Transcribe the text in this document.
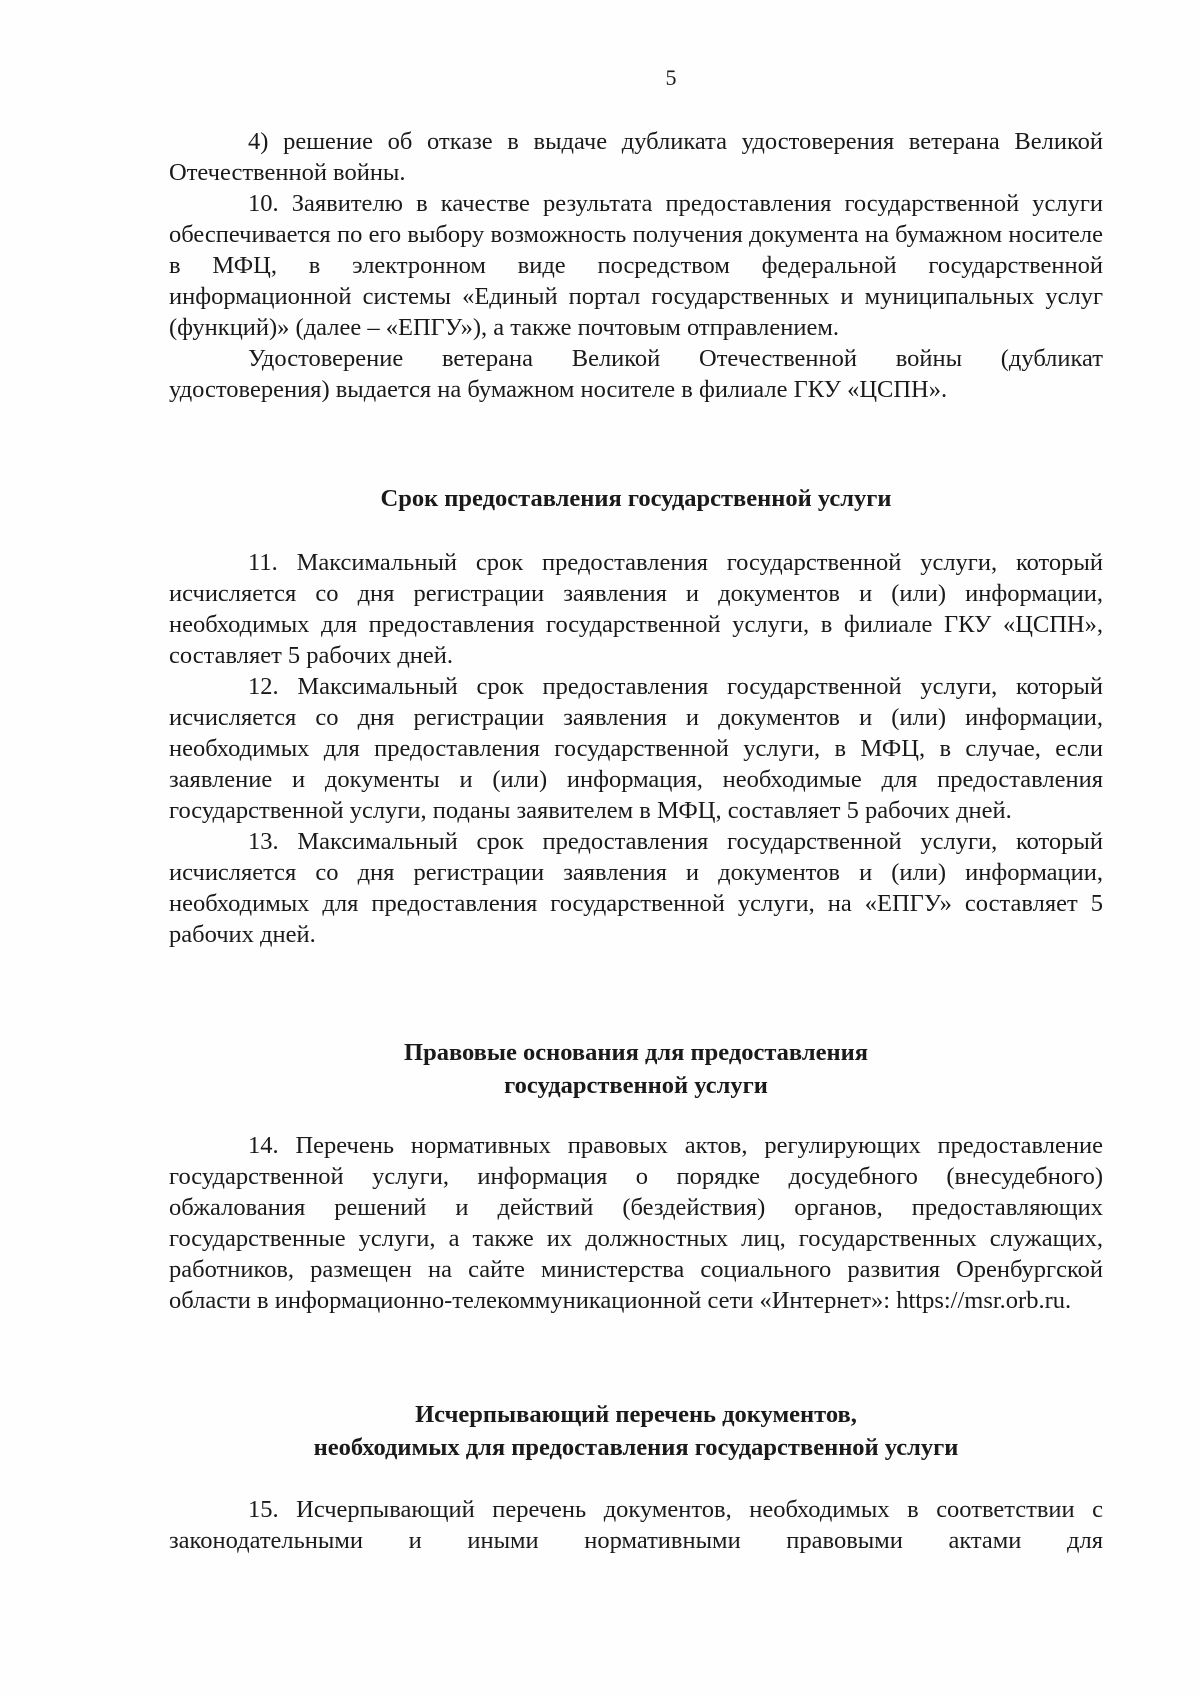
5

4) решение об отказе в выдаче дубликата удостоверения ветерана Великой Отечественной войны.

10. Заявителю в качестве результата предоставления государственной услуги обеспечивается по его выбору возможность получения документа на бумажном носителе в МФЦ, в электронном виде посредством федеральной государственной информационной системы «Единый портал государственных и муниципальных услуг (функций)» (далее – «ЕПГУ»), а также почтовым отправлением.

Удостоверение ветерана Великой Отечественной войны (дубликат удостоверения) выдается на бумажном носителе в филиале ГКУ «ЦСПН».

Срок предоставления государственной услуги

11. Максимальный срок предоставления государственной услуги, который исчисляется со дня регистрации заявления и документов и (или) информации, необходимых для предоставления государственной услуги, в филиале ГКУ «ЦСПН», составляет 5 рабочих дней.

12. Максимальный срок предоставления государственной услуги, который исчисляется со дня регистрации заявления и документов и (или) информации, необходимых для предоставления государственной услуги, в МФЦ, в случае, если заявление и документы и (или) информация, необходимые для предоставления государственной услуги, поданы заявителем в МФЦ, составляет 5 рабочих дней.

13. Максимальный срок предоставления государственной услуги, который исчисляется со дня регистрации заявления и документов и (или) информации, необходимых для предоставления государственной услуги, на «ЕПГУ» составляет 5 рабочих дней.

Правовые основания для предоставления
государственной услуги

14. Перечень нормативных правовых актов, регулирующих предоставление государственной услуги, информация о порядке досудебного (внесудебного) обжалования решений и действий (бездействия) органов, предоставляющих государственные услуги, а также их должностных лиц, государственных служащих, работников, размещен на сайте министерства социального развития Оренбургской области в информационно-телекоммуникационной сети «Интернет»: https://msr.orb.ru.

Исчерпывающий перечень документов,
необходимых для предоставления государственной услуги

15. Исчерпывающий перечень документов, необходимых в соответствии с законодательными и иными нормативными правовыми актами для
